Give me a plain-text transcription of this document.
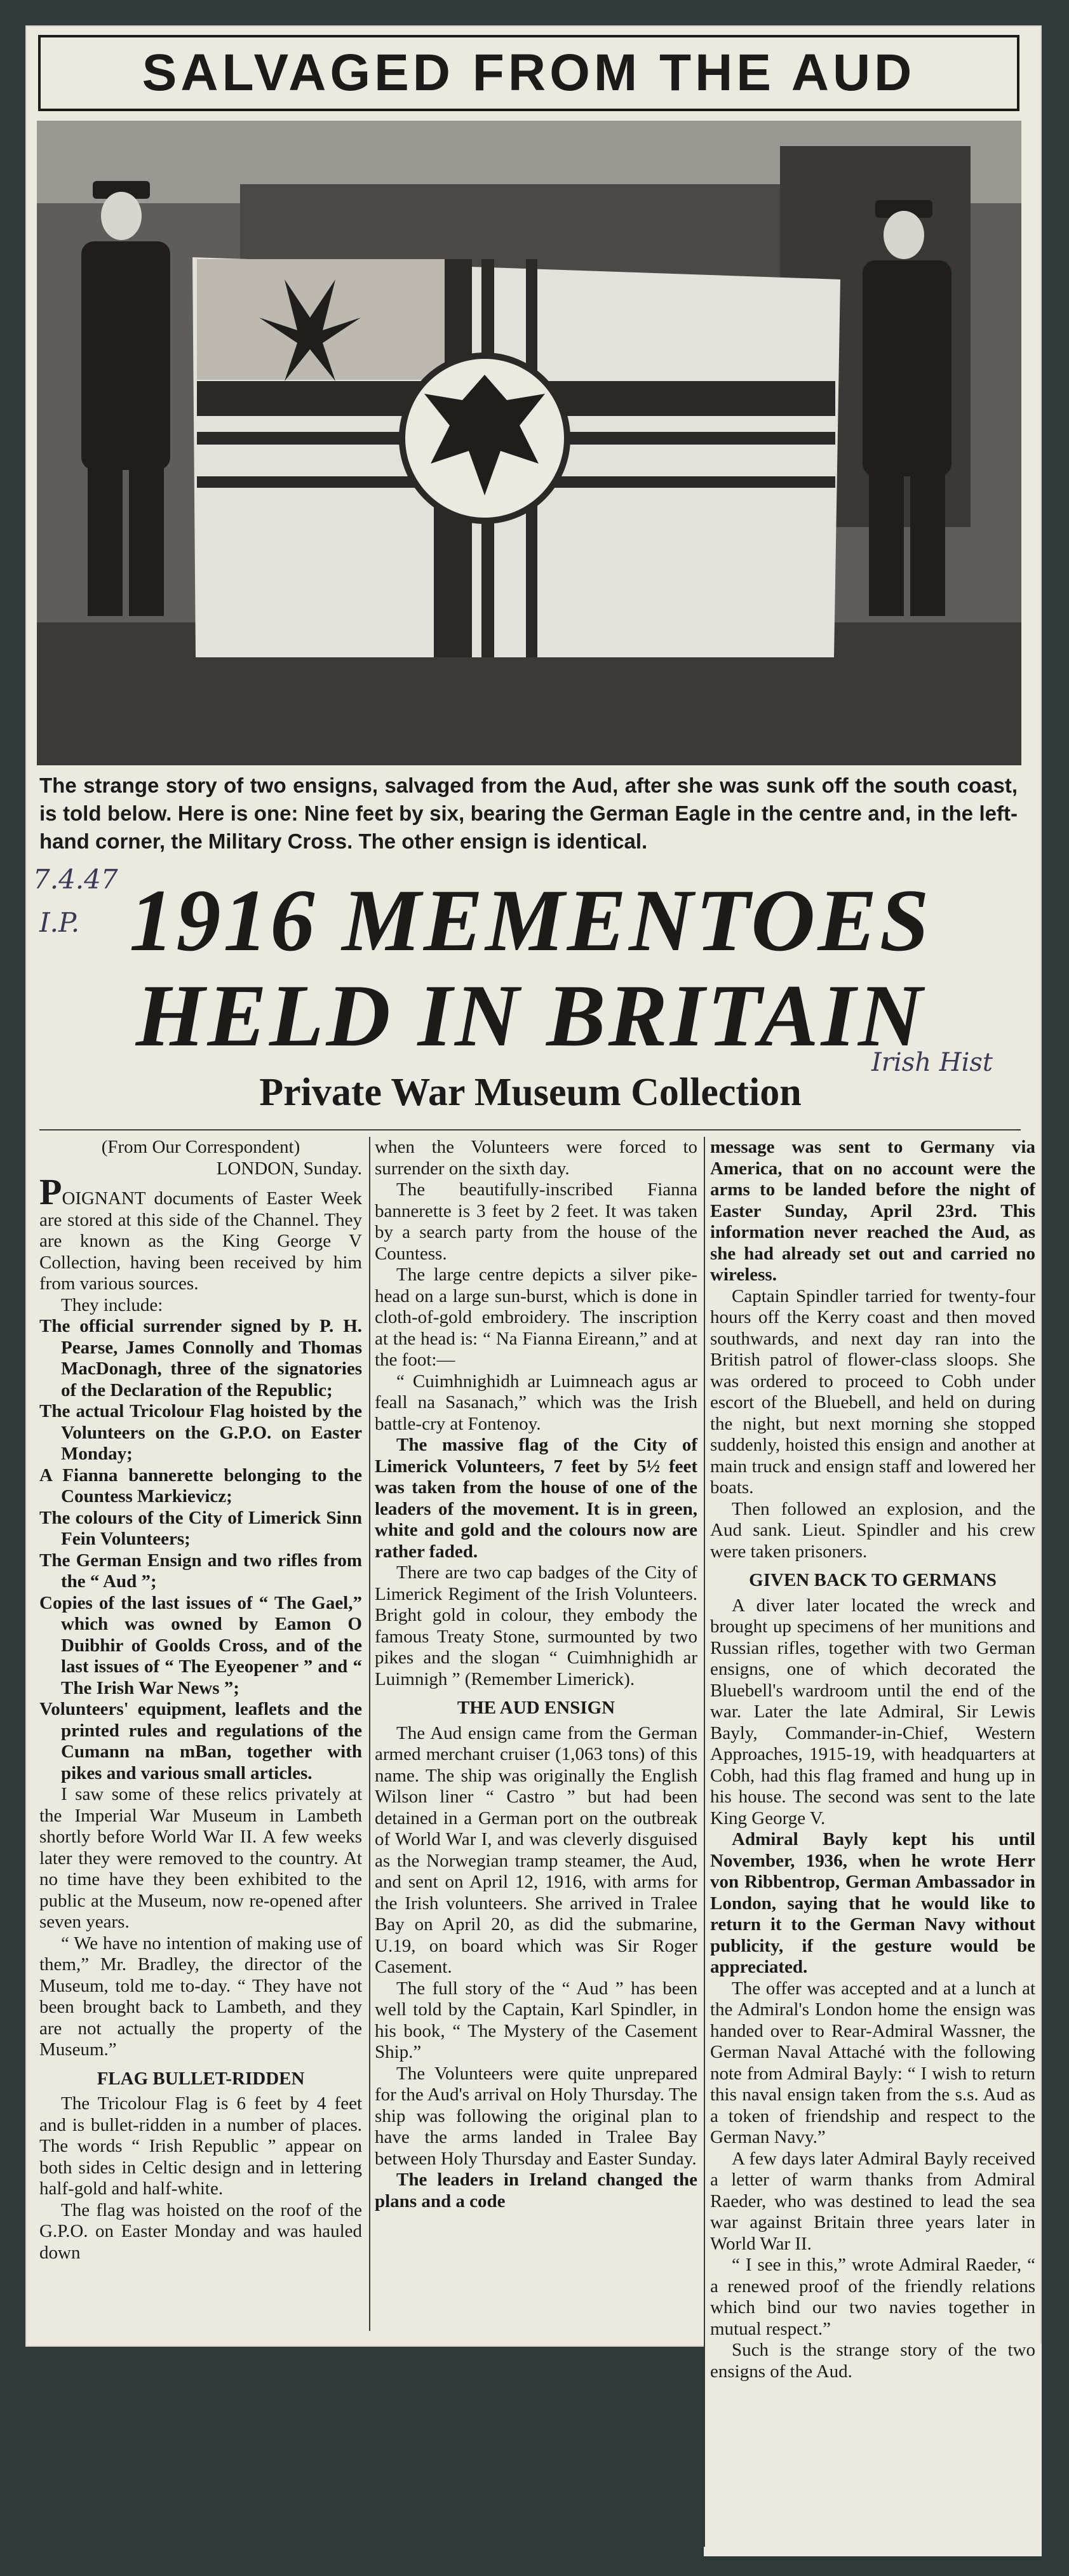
SALVAGED FROM THE AUD
The strange story of two ensigns, salvaged from the Aud, after she was sunk off the south coast, is told below. Here is one: Nine feet by six, bearing the German Eagle in the centre and, in the left-hand corner, the Military Cross. The other ensign is identical.
7.4.47
I.P.
Irish Hist
1916 MEMENTOES
HELD IN BRITAIN
Private War Museum Collection

(From Our Correspondent)

LONDON, Sunday.

POIGNANT documents of Easter Week are stored at this side of the Channel. They are known as the King George V Collection, having been received by him from various sources.

They include:

The official surrender signed by P. H. Pearse, James Connolly and Thomas MacDonagh, three of the signatories of the Declaration of the Republic;

The actual Tricolour Flag hoisted by the Volunteers on the G.P.O. on Easter Monday;

A Fianna bannerette belonging to the Countess Markievicz;

The colours of the City of Limerick Sinn Fein Volunteers;

The German Ensign and two rifles from the “ Aud ”;

Copies of the last issues of “ The Gael,” which was owned by Eamon O Duibhir of Goolds Cross, and of the last issues of “ The Eyeopener ” and “ The Irish War News ”;

Volunteers' equipment, leaflets and the printed rules and regulations of the Cumann na mBan, together with pikes and various small articles.

I saw some of these relics privately at the Imperial War Museum in Lambeth shortly before World War II. A few weeks later they were removed to the country. At no time have they been exhibited to the public at the Museum, now re-opened after seven years.

“ We have no intention of making use of them,” Mr. Bradley, the director of the Museum, told me to-day. “ They have not been brought back to Lambeth, and they are not actually the property of the Museum.”

FLAG BULLET-RIDDEN

The Tricolour Flag is 6 feet by 4 feet and is bullet-ridden in a number of places. The words “ Irish Republic ” appear on both sides in Celtic design and in lettering half-gold and half-white.

The flag was hoisted on the roof of the G.P.O. on Easter Monday and was hauled down

when the Volunteers were forced to surrender on the sixth day.

The beautifully-inscribed Fianna bannerette is 3 feet by 2 feet. It was taken by a search party from the house of the Countess.

The large centre depicts a silver pike-head on a large sun-burst, which is done in cloth-of-gold embroidery. The inscription at the head is: “ Na Fianna Eireann,” and at the foot:—

“ Cuimhnighidh ar Luimneach agus ar feall na Sasanach,” which was the Irish battle-cry at Fontenoy.

The massive flag of the City of Limerick Volunteers, 7 feet by 5½ feet was taken from the house of one of the leaders of the movement. It is in green, white and gold and the colours now are rather faded.

There are two cap badges of the City of Limerick Regiment of the Irish Volunteers. Bright gold in colour, they embody the famous Treaty Stone, surmounted by two pikes and the slogan “ Cuimhnighidh ar Luimnigh ” (Remember Limerick).

THE AUD ENSIGN

The Aud ensign came from the German armed merchant cruiser (1,063 tons) of this name. The ship was originally the English Wilson liner “ Castro ” but had been detained in a German port on the outbreak of World War I, and was cleverly disguised as the Norwegian tramp steamer, the Aud, and sent on April 12, 1916, with arms for the Irish volunteers. She arrived in Tralee Bay on April 20, as did the submarine, U.19, on board which was Sir Roger Casement.

The full story of the “ Aud ” has been well told by the Captain, Karl Spindler, in his book, “ The Mystery of the Casement Ship.”

The Volunteers were quite unprepared for the Aud's arrival on Holy Thursday. The ship was following the original plan to have the arms landed in Tralee Bay between Holy Thursday and Easter Sunday.

The leaders in Ireland changed the plans and a code

message was sent to Germany via America, that on no account were the arms to be landed before the night of Easter Sunday, April 23rd. This information never reached the Aud, as she had already set out and carried no wireless.

Captain Spindler tarried for twenty-four hours off the Kerry coast and then moved southwards, and next day ran into the British patrol of flower-class sloops. She was ordered to proceed to Cobh under escort of the Bluebell, and held on during the night, but next morning she stopped suddenly, hoisted this ensign and another at main truck and ensign staff and lowered her boats.

Then followed an explosion, and the Aud sank. Lieut. Spindler and his crew were taken prisoners.

GIVEN BACK TO GERMANS

A diver later located the wreck and brought up specimens of her munitions and Russian rifles, together with two German ensigns, one of which decorated the Bluebell's wardroom until the end of the war. Later the late Admiral, Sir Lewis Bayly, Commander-in-Chief, Western Approaches, 1915-19, with headquarters at Cobh, had this flag framed and hung up in his house. The second was sent to the late King George V.

Admiral Bayly kept his until November, 1936, when he wrote Herr von Ribbentrop, German Ambassador in London, saying that he would like to return it to the German Navy without publicity, if the gesture would be appreciated.

The offer was accepted and at a lunch at the Admiral's London home the ensign was handed over to Rear-Admiral Wassner, the German Naval Attaché with the following note from Admiral Bayly: “ I wish to return this naval ensign taken from the s.s. Aud as a token of friendship and respect to the German Navy.”

A few days later Admiral Bayly received a letter of warm thanks from Admiral Raeder, who was destined to lead the sea war against Britain three years later in World War II.

“ I see in this,” wrote Admiral Raeder, “ a renewed proof of the friendly relations which bind our two navies together in mutual respect.”

Such is the strange story of the two ensigns of the Aud.
